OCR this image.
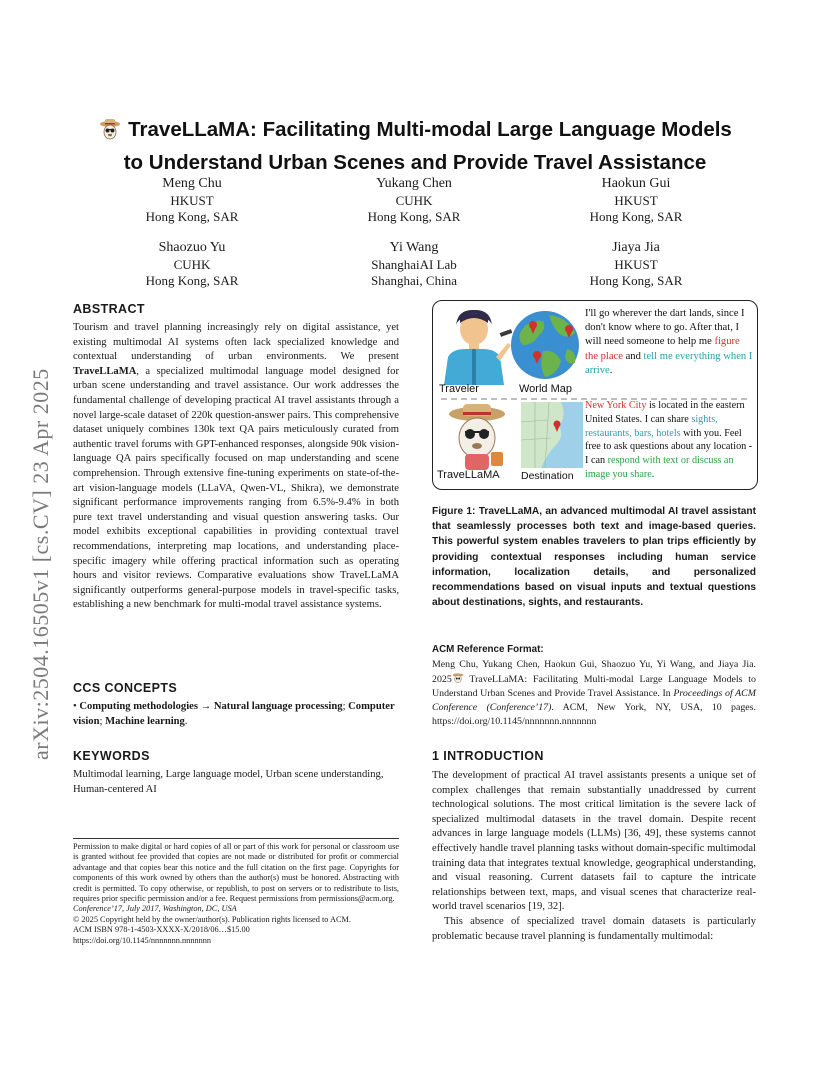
arXiv:2504.16505v1 [cs.CV] 23 Apr 2025
TraveLLaMA: Facilitating Multi-modal Large Language Models
to Understand Urban Scenes and Provide Travel Assistance
Meng Chu
HKUST
Hong Kong, SAR
Yukang Chen
CUHK
Hong Kong, SAR
Haokun Gui
HKUST
Hong Kong, SAR
Shaozuo Yu
CUHK
Hong Kong, SAR
Yi Wang
ShanghaiAI Lab
Shanghai, China
Jiaya Jia
HKUST
Hong Kong, SAR
ABSTRACT
Tourism and travel planning increasingly rely on digital assistance, yet existing multimodal AI systems often lack specialized knowledge and contextual understanding of urban environments. We present TraveLLaMA, a specialized multimodal language model designed for urban scene understanding and travel assistance. Our work addresses the fundamental challenge of developing practical AI travel assistants through a novel large-scale dataset of 220k question-answer pairs. This comprehensive dataset uniquely combines 130k text QA pairs meticulously curated from authentic travel forums with GPT-enhanced responses, alongside 90k vision-language QA pairs specifically focused on map understanding and scene comprehension. Through extensive fine-tuning experiments on state-of-the-art vision-language models (LLaVA, Qwen-VL, Shikra), we demonstrate significant performance improvements ranging from 6.5%-9.4% in both pure text travel understanding and visual question answering tasks. Our model exhibits exceptional capabilities in providing contextual travel recommendations, interpreting map locations, and understanding place-specific imagery while offering practical information such as operating hours and visitor reviews. Comparative evaluations show TraveLLaMA significantly outperforms general-purpose models in travel-specific tasks, establishing a new benchmark for multi-modal travel assistance systems.
CCS CONCEPTS
• Computing methodologies → Natural language processing; Computer vision; Machine learning.
KEYWORDS
Multimodal learning, Large language model, Urban scene understanding, Human-centered AI
Permission to make digital or hard copies of all or part of this work for personal or classroom use is granted without fee provided that copies are not made or distributed for profit or commercial advantage and that copies bear this notice and the full citation on the first page. Copyrights for components of this work owned by others than the author(s) must be honored. Abstracting with credit is permitted. To copy otherwise, or republish, to post on servers or to redistribute to lists, requires prior specific permission and/or a fee. Request permissions from permissions@acm.org.
Conference’17, July 2017, Washington, DC, USA
© 2025 Copyright held by the owner/author(s). Publication rights licensed to ACM.
ACM ISBN 978-1-4503-XXXX-X/2018/06…$15.00
https://doi.org/10.1145/nnnnnnn.nnnnnnn
Traveler	World Map
I'll go wherever the dart lands, since I don't know where to go. After that, I will need someone to help me figure the place and tell me everything when I arrive.
TraveLLaMA Destination
New York City is located in the eastern United States. I can share sights, restaurants, bars, hotels with you. Feel free to ask questions about any location - I can respond with text or discuss an image you share.
Figure 1: TraveLLaMA, an advanced multimodal AI travel assistant that seamlessly processes both text and image-based queries. This powerful system enables travelers to plan trips efficiently by providing contextual responses including human service information, localization details, and personalized recommendations based on visual inputs and textual questions about destinations, sights, and restaurants.
ACM Reference Format:
Meng Chu, Yukang Chen, Haokun Gui, Shaozuo Yu, Yi Wang, and Jiaya Jia. 2025 TraveLLaMA: Facilitating Multi-modal Large Language Models to Understand Urban Scenes and Provide Travel Assistance. In Proceedings of ACM Conference (Conference’17). ACM, New York, NY, USA, 10 pages. https://doi.org/10.1145/nnnnnnn.nnnnnnn
1 INTRODUCTION
The development of practical AI travel assistants presents a unique set of complex challenges that remain substantially unaddressed by current technological solutions. The most critical limitation is the severe lack of specialized multimodal datasets in the travel domain. Despite recent advances in large language models (LLMs) [36, 49], these systems cannot effectively handle travel planning tasks without domain-specific multimodal training data that integrates textual knowledge, geographical understanding, and visual reasoning. Current datasets fail to capture the intricate relationships between text, maps, and visual scenes that characterize real-world travel scenarios [19, 32].
This absence of specialized travel domain datasets is particularly problematic because travel planning is fundamentally multimodal:
